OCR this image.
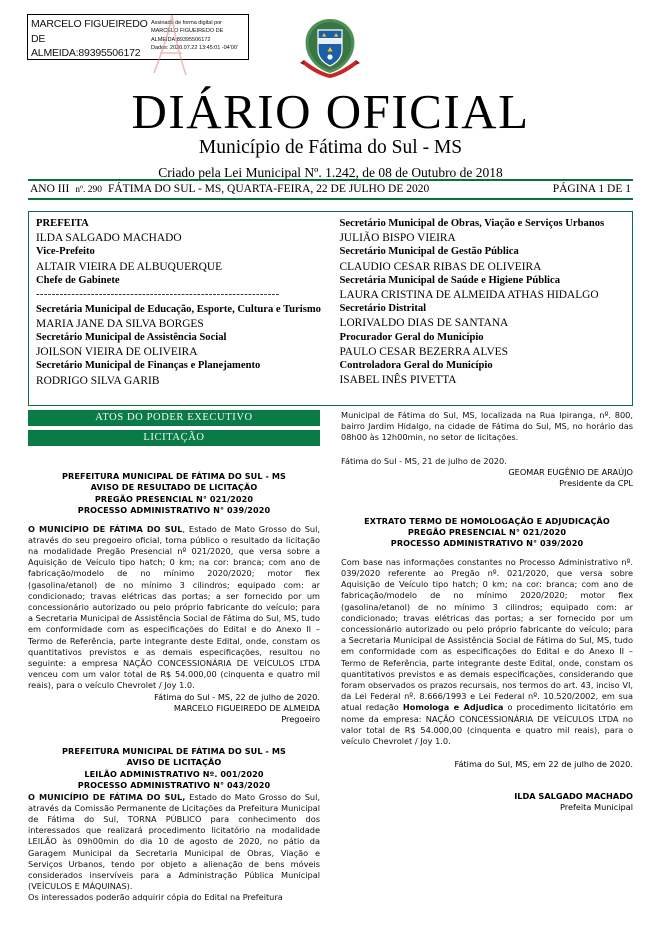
MARCELO FIGUEIREDO
DE
ALMEIDA:89395506172
Assinado de forma digital por
MARCELO FIGUEIREDO DE
ALMEIDA:89395506172
Dados: 2020.07.22 13:45:01 -04'00'
DIÁRIO OFICIAL
Município de Fátima do Sul - MS
Criado pela Lei Municipal Nº. 1.242, de 08 de Outubro de 2018
ANO III nº. 290 FÁTIMA DO SUL - MS, QUARTA-FEIRA, 22 DE JULHO DE 2020	PÁGINA 1 DE 1
PREFEITA
ILDA SALGADO MACHADO
Vice-Prefeito
ALTAIR VIEIRA DE ALBUQUERQUE
Chefe de Gabinete
--------------------------------------------------------------
Secretária Municipal de Educação, Esporte, Cultura e Turismo
MARIA JANE DA SILVA BORGES
Secretário Municipal de Assistência Social
JOILSON VIEIRA DE OLIVEIRA
Secretário Municipal de Finanças e Planejamento
RODRIGO SILVA GARIB
Secretário Municipal de Obras, Viação e Serviços Urbanos
JULIÃO BISPO VIEIRA
Secretário Municipal de Gestão Pública
CLAUDIO CESAR RIBAS DE OLIVEIRA
Secretária Municipal de Saúde e Higiene Pública
LAURA CRISTINA DE ALMEIDA ATHAS HIDALGO
Secretário Distrital
LORIVALDO DIAS DE SANTANA
Procurador Geral do Município
PAULO CESAR BEZERRA ALVES
Controladora Geral do Município
ISABEL INÊS PIVETTA
ATOS DO PODER EXECUTIVO
LICITAÇÃO
PREFEITURA MUNICIPAL DE FÁTIMA DO SUL - MS
AVISO DE RESULTADO DE LICITAÇÃO
PREGÃO PRESENCIAL N° 021/2020
PROCESSO ADMINISTRATIVO N° 039/2020
O MUNICÍPIO DE FÁTIMA DO SUL, Estado de Mato Grosso do Sul, através do seu pregoeiro oficial, torna público o resultado da licitação na modalidade Pregão Presencial nº 021/2020, que versa sobre a Aquisição de Veículo tipo hatch; 0 km; na cor: branca; com ano de fabricação/modelo de no mínimo 2020/2020; motor flex (gasolina/etanol) de no mínimo 3 cilindros; equipado com: ar condicionado; travas elétricas das portas; a ser fornecido por um concessionário autorizado ou pelo próprio fabricante do veículo; para a Secretaria Municipal de Assistência Social de Fátima do Sul, MS, tudo em conformidade com as especificações do Edital e do Anexo II – Termo de Referência, parte integrante deste Edital, onde, constam os quantitativos previstos e as demais especificações, resultou no seguinte: a empresa NAÇÃO CONCESSIONÁRIA DE VEÍCULOS LTDA venceu com um valor total de R$ 54.000,00 (cinquenta e quatro mil reais), para o veículo Chevrolet / Joy 1.0.
Fátima do Sul - MS, 22 de julho de 2020.
MARCELO FIGUEIREDO DE ALMEIDA
Pregoeiro
PREFEITURA MUNICIPAL DE FÁTIMA DO SUL - MS
AVISO DE LICITAÇÃO
LEILÃO ADMINISTRATIVO Nº. 001/2020
PROCESSO ADMINISTRATIVO N° 043/2020
O MUNICÍPIO DE FÁTIMA DO SUL, Estado do Mato Grosso do Sul, através da Comissão Permanente de Licitações da Prefeitura Municipal de Fátima do Sul, TORNA PÚBLICO para conhecimento dos interessados que realizará procedimento licitatório na modalidade LEILÃO às 09h00min do dia 10 de agosto de 2020, no pátio da Garagem Municipal da Secretaria Municipal de Obras, Viação e Serviços Urbanos, tendo por objeto a alienação de bens móveis considerados inservíveis para a Administração Pública Municipal (VEÍCULOS E MÁQUINAS).
Os interessados poderão adquirir cópia do Edital na Prefeitura
Municipal de Fátima do Sul, MS, localizada na Rua Ipiranga, nº. 800, bairro Jardim Hidalgo, na cidade de Fátima do Sul, MS, no horário das 08h00 às 12h00min, no setor de licitações.
Fátima do Sul - MS, 21 de julho de 2020.
GEOMAR EUGÊNIO DE ARAÚJO
Presidente da CPL
EXTRATO TERMO DE HOMOLOGAÇÃO E ADJUDICAÇÃO
PREGÃO PRESENCIAL N° 021/2020
PROCESSO ADMINISTRATIVO N° 039/2020
Com base nas informações constantes no Processo Administrativo nº. 039/2020 referente ao Pregão nº. 021/2020, que versa sobre Aquisição de Veículo tipo hatch; 0 km; na cor: branca; com ano de fabricação/modelo de no mínimo 2020/2020; motor flex (gasolina/etanol) de no mínimo 3 cilindros; equipado com: ar condicionado; travas elétricas das portas; a ser fornecido por um concessionário autorizado ou pelo próprio fabricante do veículo; para a Secretaria Municipal de Assistência Social de Fátima do Sul, MS, tudo em conformidade com as especificações do Edital e do Anexo II – Termo de Referência, parte integrante deste Edital, onde, constam os quantitativos previstos e as demais especificações, considerando que foram observados os prazos recursais, nos termos do art. 43, inciso VI, da Lei Federal nº. 8.666/1993 e Lei Federal nº. 10.520/2002, em sua atual redação Homologa e Adjudica o procedimento licitatório em nome da empresa: NAÇÃO CONCESSIONÁRIA DE VEÍCULOS LTDA no valor total de R$ 54.000,00 (cinquenta e quatro mil reais), para o veículo Chevrolet / Joy 1.0.
Fátima do Sul, MS, em 22 de julho de 2020.
ILDA SALGADO MACHADO
Prefeita Municipal
